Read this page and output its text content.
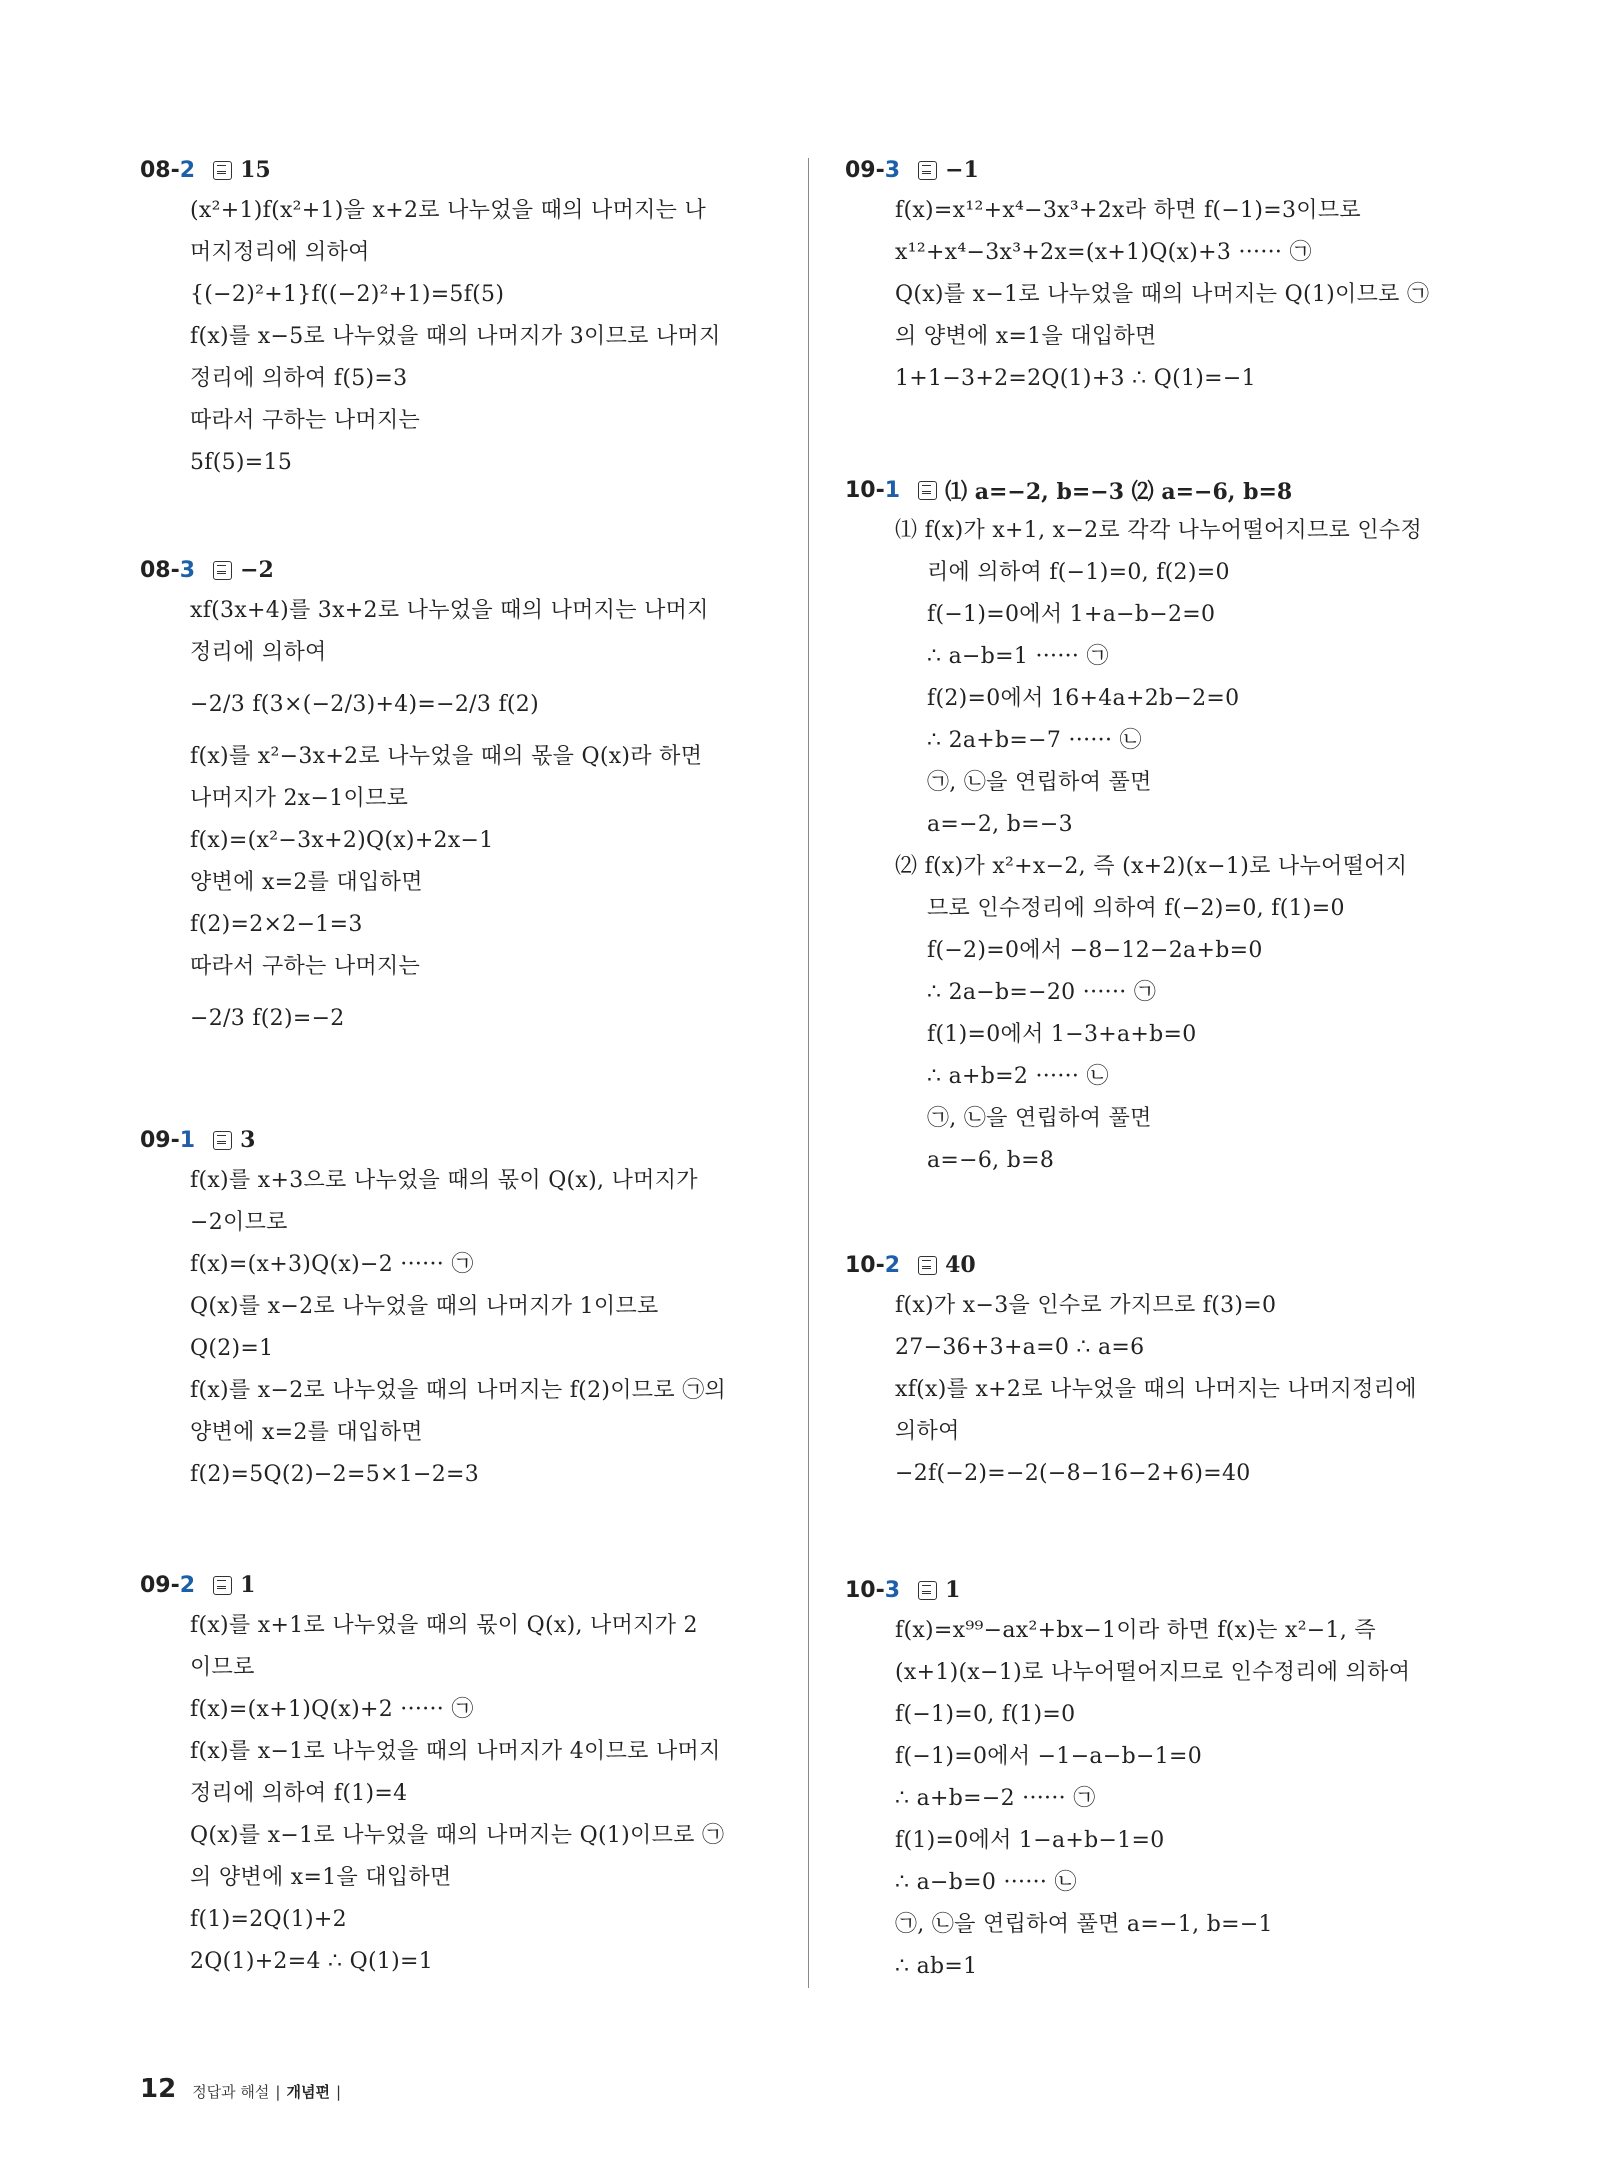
08- 2 15
(x²+1)f(x²+1)을 x+2로 나누었을 때의 나머지는 나
머지정리에 의하여
{(−2)²+1}f((−2)²+1)=5f(5)
f(x)를 x−5로 나누었을 때의 나머지가 3이므로 나머지
정리에 의하여 f(5)=3
따라서 구하는 나머지는
5f(5)=15
08- 3 −2
xf(3x+4)를 3x+2로 나누었을 때의 나머지는 나머지
정리에 의하여
−2/3 f(3×(−2/3)+4)=−2/3 f(2)
f(x)를 x²−3x+2로 나누었을 때의 몫을 Q(x)라 하면
나머지가 2x−1이므로
f(x)=(x²−3x+2)Q(x)+2x−1
양변에 x=2를 대입하면
f(2)=2×2−1=3
따라서 구하는 나머지는
−2/3 f(2)=−2
09- 1 3
f(x)를 x+3으로 나누었을 때의 몫이 Q(x), 나머지가
−2이므로
f(x)=(x+3)Q(x)−2 ······ ㉠
Q(x)를 x−2로 나누었을 때의 나머지가 1이므로
Q(2)=1
f(x)를 x−2로 나누었을 때의 나머지는 f(2)이므로 ㉠의
양변에 x=2를 대입하면
f(2)=5Q(2)−2=5×1−2=3
09- 2 1
f(x)를 x+1로 나누었을 때의 몫이 Q(x), 나머지가 2
이므로
f(x)=(x+1)Q(x)+2 ······ ㉠
f(x)를 x−1로 나누었을 때의 나머지가 4이므로 나머지
정리에 의하여 f(1)=4
Q(x)를 x−1로 나누었을 때의 나머지는 Q(1)이므로 ㉠
의 양변에 x=1을 대입하면
f(1)=2Q(1)+2
2Q(1)+2=4 ∴ Q(1)=1
09- 3 −1
f(x)=x¹²+x⁴−3x³+2x라 하면 f(−1)=3이므로
x¹²+x⁴−3x³+2x=(x+1)Q(x)+3 ······ ㉠
Q(x)를 x−1로 나누었을 때의 나머지는 Q(1)이므로 ㉠
의 양변에 x=1을 대입하면
1+1−3+2=2Q(1)+3 ∴ Q(1)=−1
10- 1 ⑴ a=−2, b=−3 ⑵ a=−6, b=8
⑴ f(x)가 x+1, x−2로 각각 나누어떨어지므로 인수정
리에 의하여 f(−1)=0, f(2)=0
f(−1)=0에서 1+a−b−2=0
∴ a−b=1 ······ ㉠
f(2)=0에서 16+4a+2b−2=0
∴ 2a+b=−7 ······ ㉡
㉠, ㉡을 연립하여 풀면
a=−2, b=−3
⑵ f(x)가 x²+x−2, 즉 (x+2)(x−1)로 나누어떨어지
므로 인수정리에 의하여 f(−2)=0, f(1)=0
f(−2)=0에서 −8−12−2a+b=0
∴ 2a−b=−20 ······ ㉠
f(1)=0에서 1−3+a+b=0
∴ a+b=2 ······ ㉡
㉠, ㉡을 연립하여 풀면
a=−6, b=8
10- 2 40
f(x)가 x−3을 인수로 가지므로 f(3)=0
27−36+3+a=0 ∴ a=6
xf(x)를 x+2로 나누었을 때의 나머지는 나머지정리에
의하여
−2f(−2)=−2(−8−16−2+6)=40
10- 3 1
f(x)=x⁹⁹−ax²+bx−1이라 하면 f(x)는 x²−1, 즉
(x+1)(x−1)로 나누어떨어지므로 인수정리에 의하여
f(−1)=0, f(1)=0
f(−1)=0에서 −1−a−b−1=0
∴ a+b=−2 ······ ㉠
f(1)=0에서 1−a+b−1=0
∴ a−b=0 ······ ㉡
㉠, ㉡을 연립하여 풀면 a=−1, b=−1
∴ ab=1
12 정답과 해설 | 개념편 |
